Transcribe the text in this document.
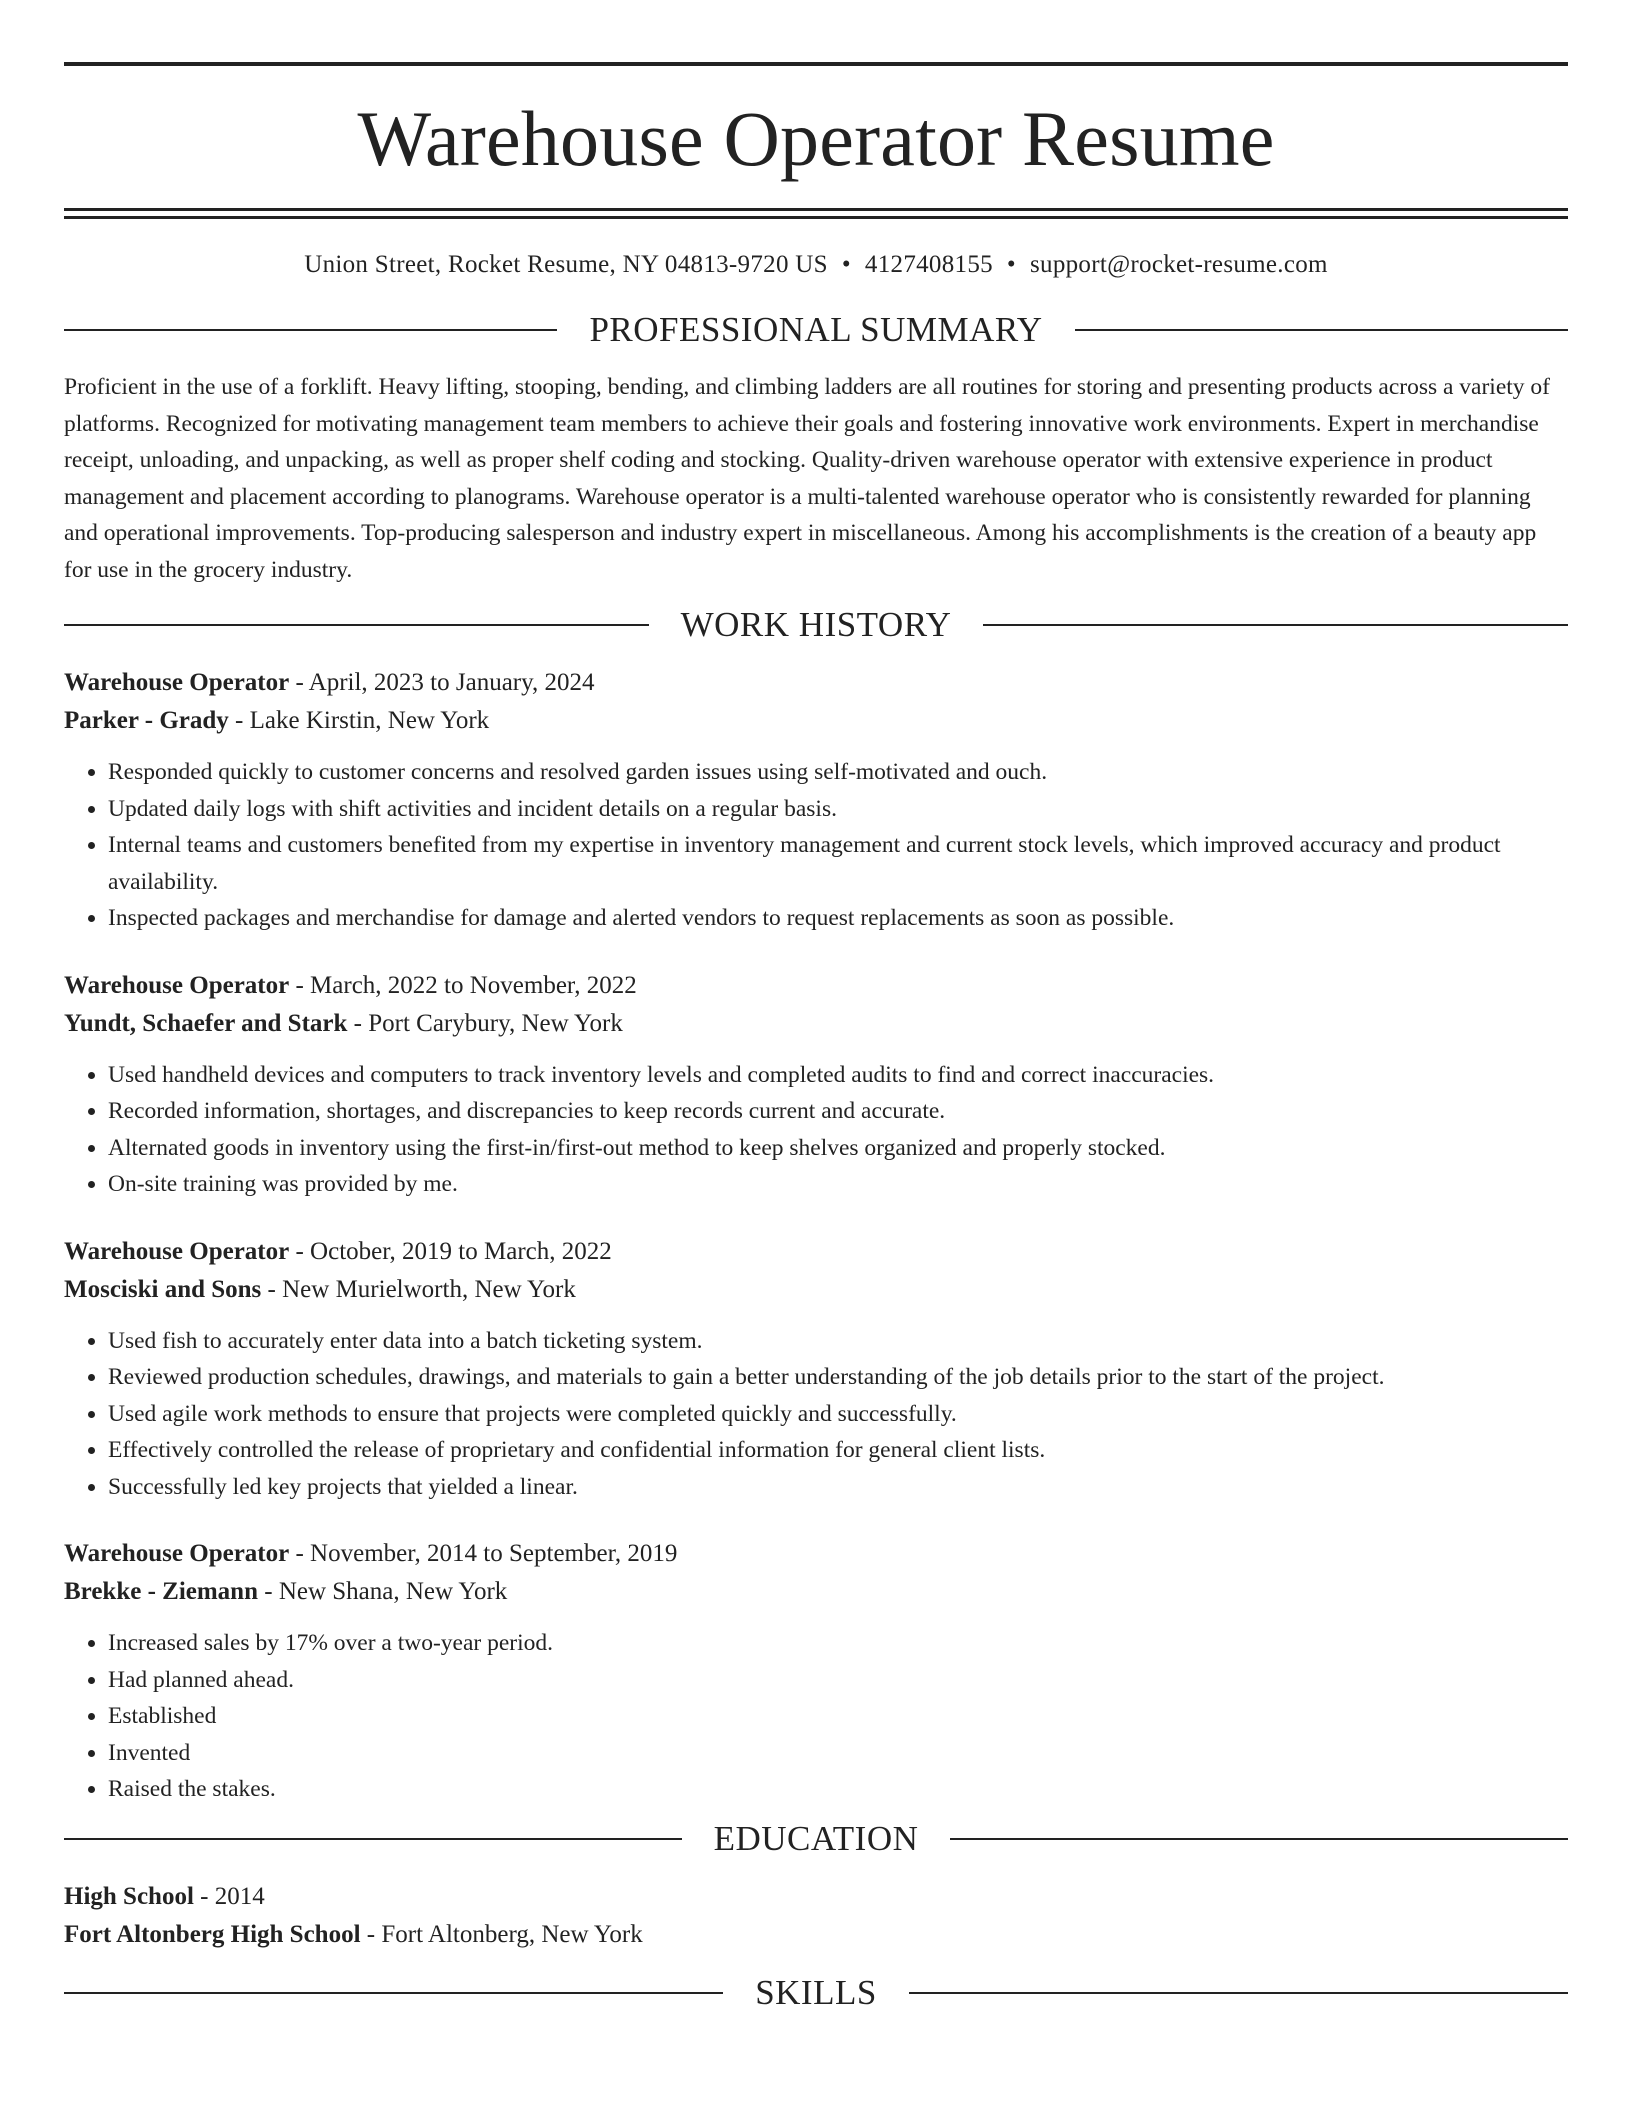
Warehouse Operator Resume
Union Street, Rocket Resume, NY 04813-9720 US • 4127408155 • support@rocket-resume.com
PROFESSIONAL SUMMARY

Proficient in the use of a forklift. Heavy lifting, stooping, bending, and climbing ladders are all routines for storing and presenting products across a variety of platforms. Recognized for motivating management team members to achieve their goals and fostering innovative work environments. Expert in merchandise receipt, unloading, and unpacking, as well as proper shelf coding and stocking. Quality-driven warehouse operator with extensive experience in product management and placement according to planograms. Warehouse operator is a multi-talented warehouse operator who is consistently rewarded for planning and operational improvements. Top-producing salesperson and industry expert in miscellaneous. Among his accomplishments is the creation of a beauty app for use in the grocery industry.

WORK HISTORY
Warehouse Operator - April, 2023 to January, 2024
Parker - Grady - Lake Kirstin, New York
• Responded quickly to customer concerns and resolved garden issues using self-motivated and ouch.
• Updated daily logs with shift activities and incident details on a regular basis.
• Internal teams and customers benefited from my expertise in inventory management and current stock levels, which improved accuracy and product availability.
• Inspected packages and merchandise for damage and alerted vendors to request replacements as soon as possible.
Warehouse Operator - March, 2022 to November, 2022
Yundt, Schaefer and Stark - Port Carybury, New York
• Used handheld devices and computers to track inventory levels and completed audits to find and correct inaccuracies.
• Recorded information, shortages, and discrepancies to keep records current and accurate.
• Alternated goods in inventory using the first-in/first-out method to keep shelves organized and properly stocked.
• On-site training was provided by me.
Warehouse Operator - October, 2019 to March, 2022
Mosciski and Sons - New Murielworth, New York
• Used fish to accurately enter data into a batch ticketing system.
• Reviewed production schedules, drawings, and materials to gain a better understanding of the job details prior to the start of the project.
• Used agile work methods to ensure that projects were completed quickly and successfully.
• Effectively controlled the release of proprietary and confidential information for general client lists.
• Successfully led key projects that yielded a linear.
Warehouse Operator - November, 2014 to September, 2019
Brekke - Ziemann - New Shana, New York
• Increased sales by 17% over a two-year period.
• Had planned ahead.
• Established
• Invented
• Raised the stakes.
EDUCATION
High School - 2014
Fort Altonberg High School - Fort Altonberg, New York
SKILLS
